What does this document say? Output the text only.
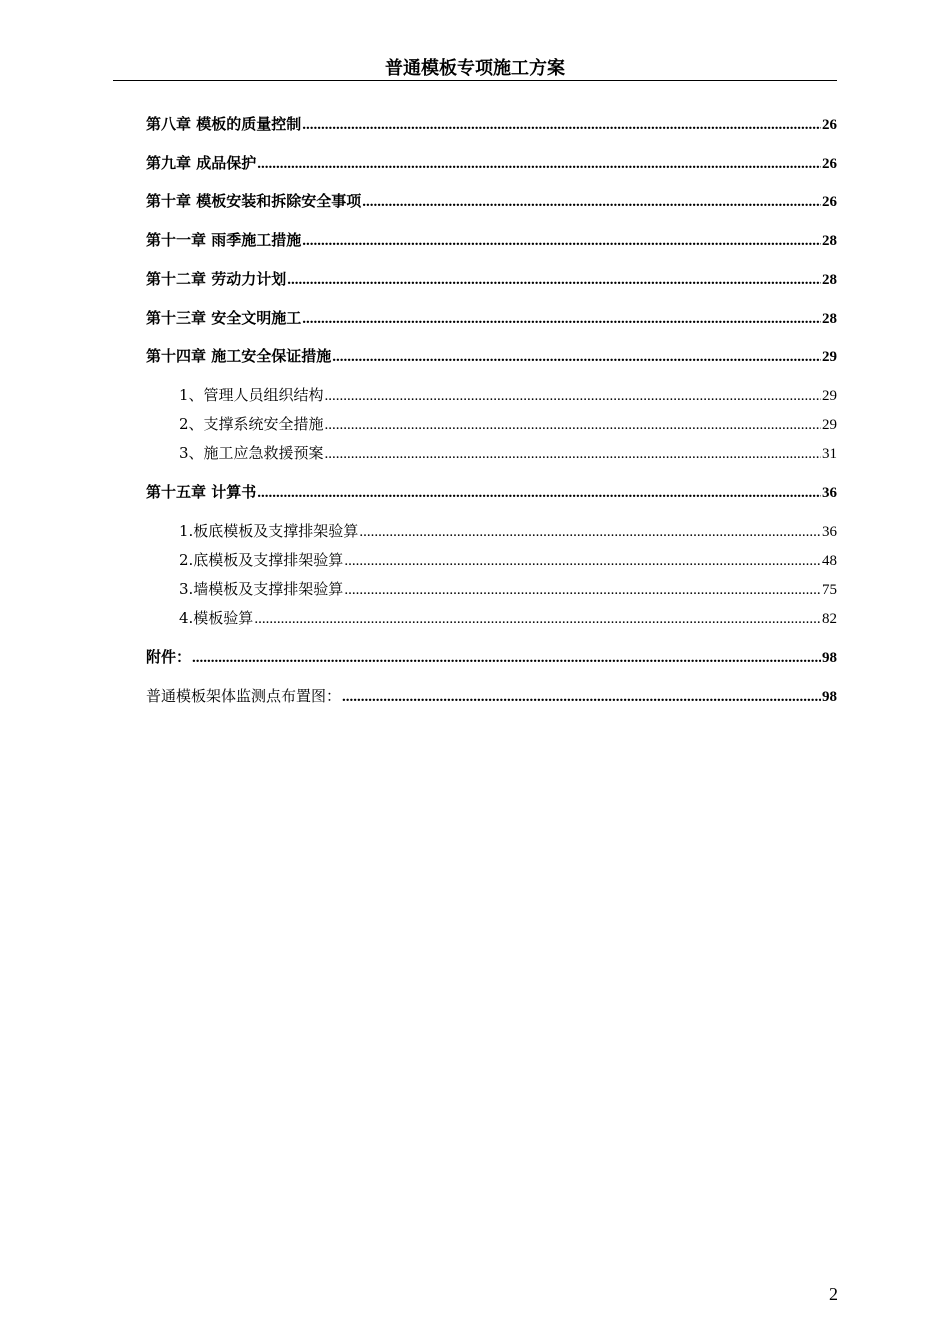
普通模板专项施工方案
第八章 模板的质量控制 .....	26
第九章 成品保护 .....	26
第十章 模板安装和拆除安全事项 .....	26
第十一章 雨季施工措施 .....	28
第十二章 劳动力计划 .....	28
第十三章 安全文明施工 .....	28
第十四章 施工安全保证措施 .....	29
1、管理人员组织结构 .....	29
2、支撑系统安全措施 .....	29
3、施工应急救援预案 .....	31
第十五章 计算书 .....	36
1.板底模板及支撑排架验算 .....	36
2.底模板及支撑排架验算 .....	48
3.墙模板及支撑排架验算 .....	75
4.模板验算 .....	82
附件： .....	98
普通模板架体监测点布置图： .....	98
2
